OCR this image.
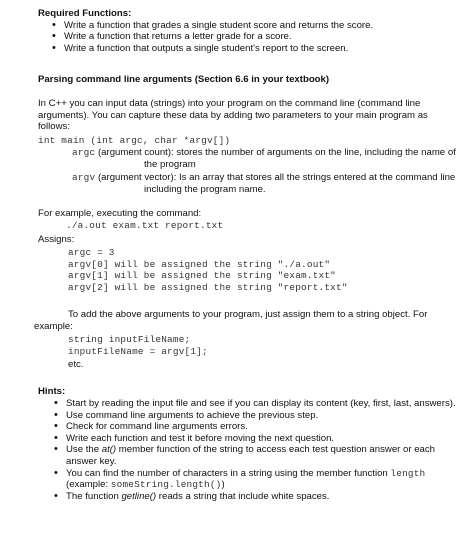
Required Functions:
• Write a function that grades a single student score and returns the score.
• Write a function that returns a letter grade for a score.
• Write a function that outputs a single student's report to the screen.
Parsing command line arguments (Section 6.6 in your textbook)
In C++ you can input data (strings) into your program on the command line (command line arguments). You can capture these data by adding two parameters to your main program as follows:
int main (int argc, char *argv[])
argc (argument count): stores the number of arguments on the line, including the name of the program
argv (argument vector): Is an array that stores all the strings entered at the command line including the program name.
For example, executing the command:
./a.out exam.txt report.txt
Assigns:
argc = 3
argv[0] will be assigned the string "./a.out"
argv[1] will be assigned the string "exam.txt"
argv[2] will be assigned the string "report.txt"
To add the above arguments to your program, just assign them to a string object. For
example:
string inputFileName;
inputFileName = argv[1];
etc.
Hints:
• Start by reading the input file and see if you can display its content (key, first, last, answers).
• Use command line arguments to achieve the previous step.
• Check for command line arguments errors.
• Write each function and test it before moving the next question.
• Use the at() member function of the string to access each test question answer or each answer key.
• You can find the number of characters in a string using the member function length
(example: someString.length())
• The function getline() reads a string that include white spaces.
